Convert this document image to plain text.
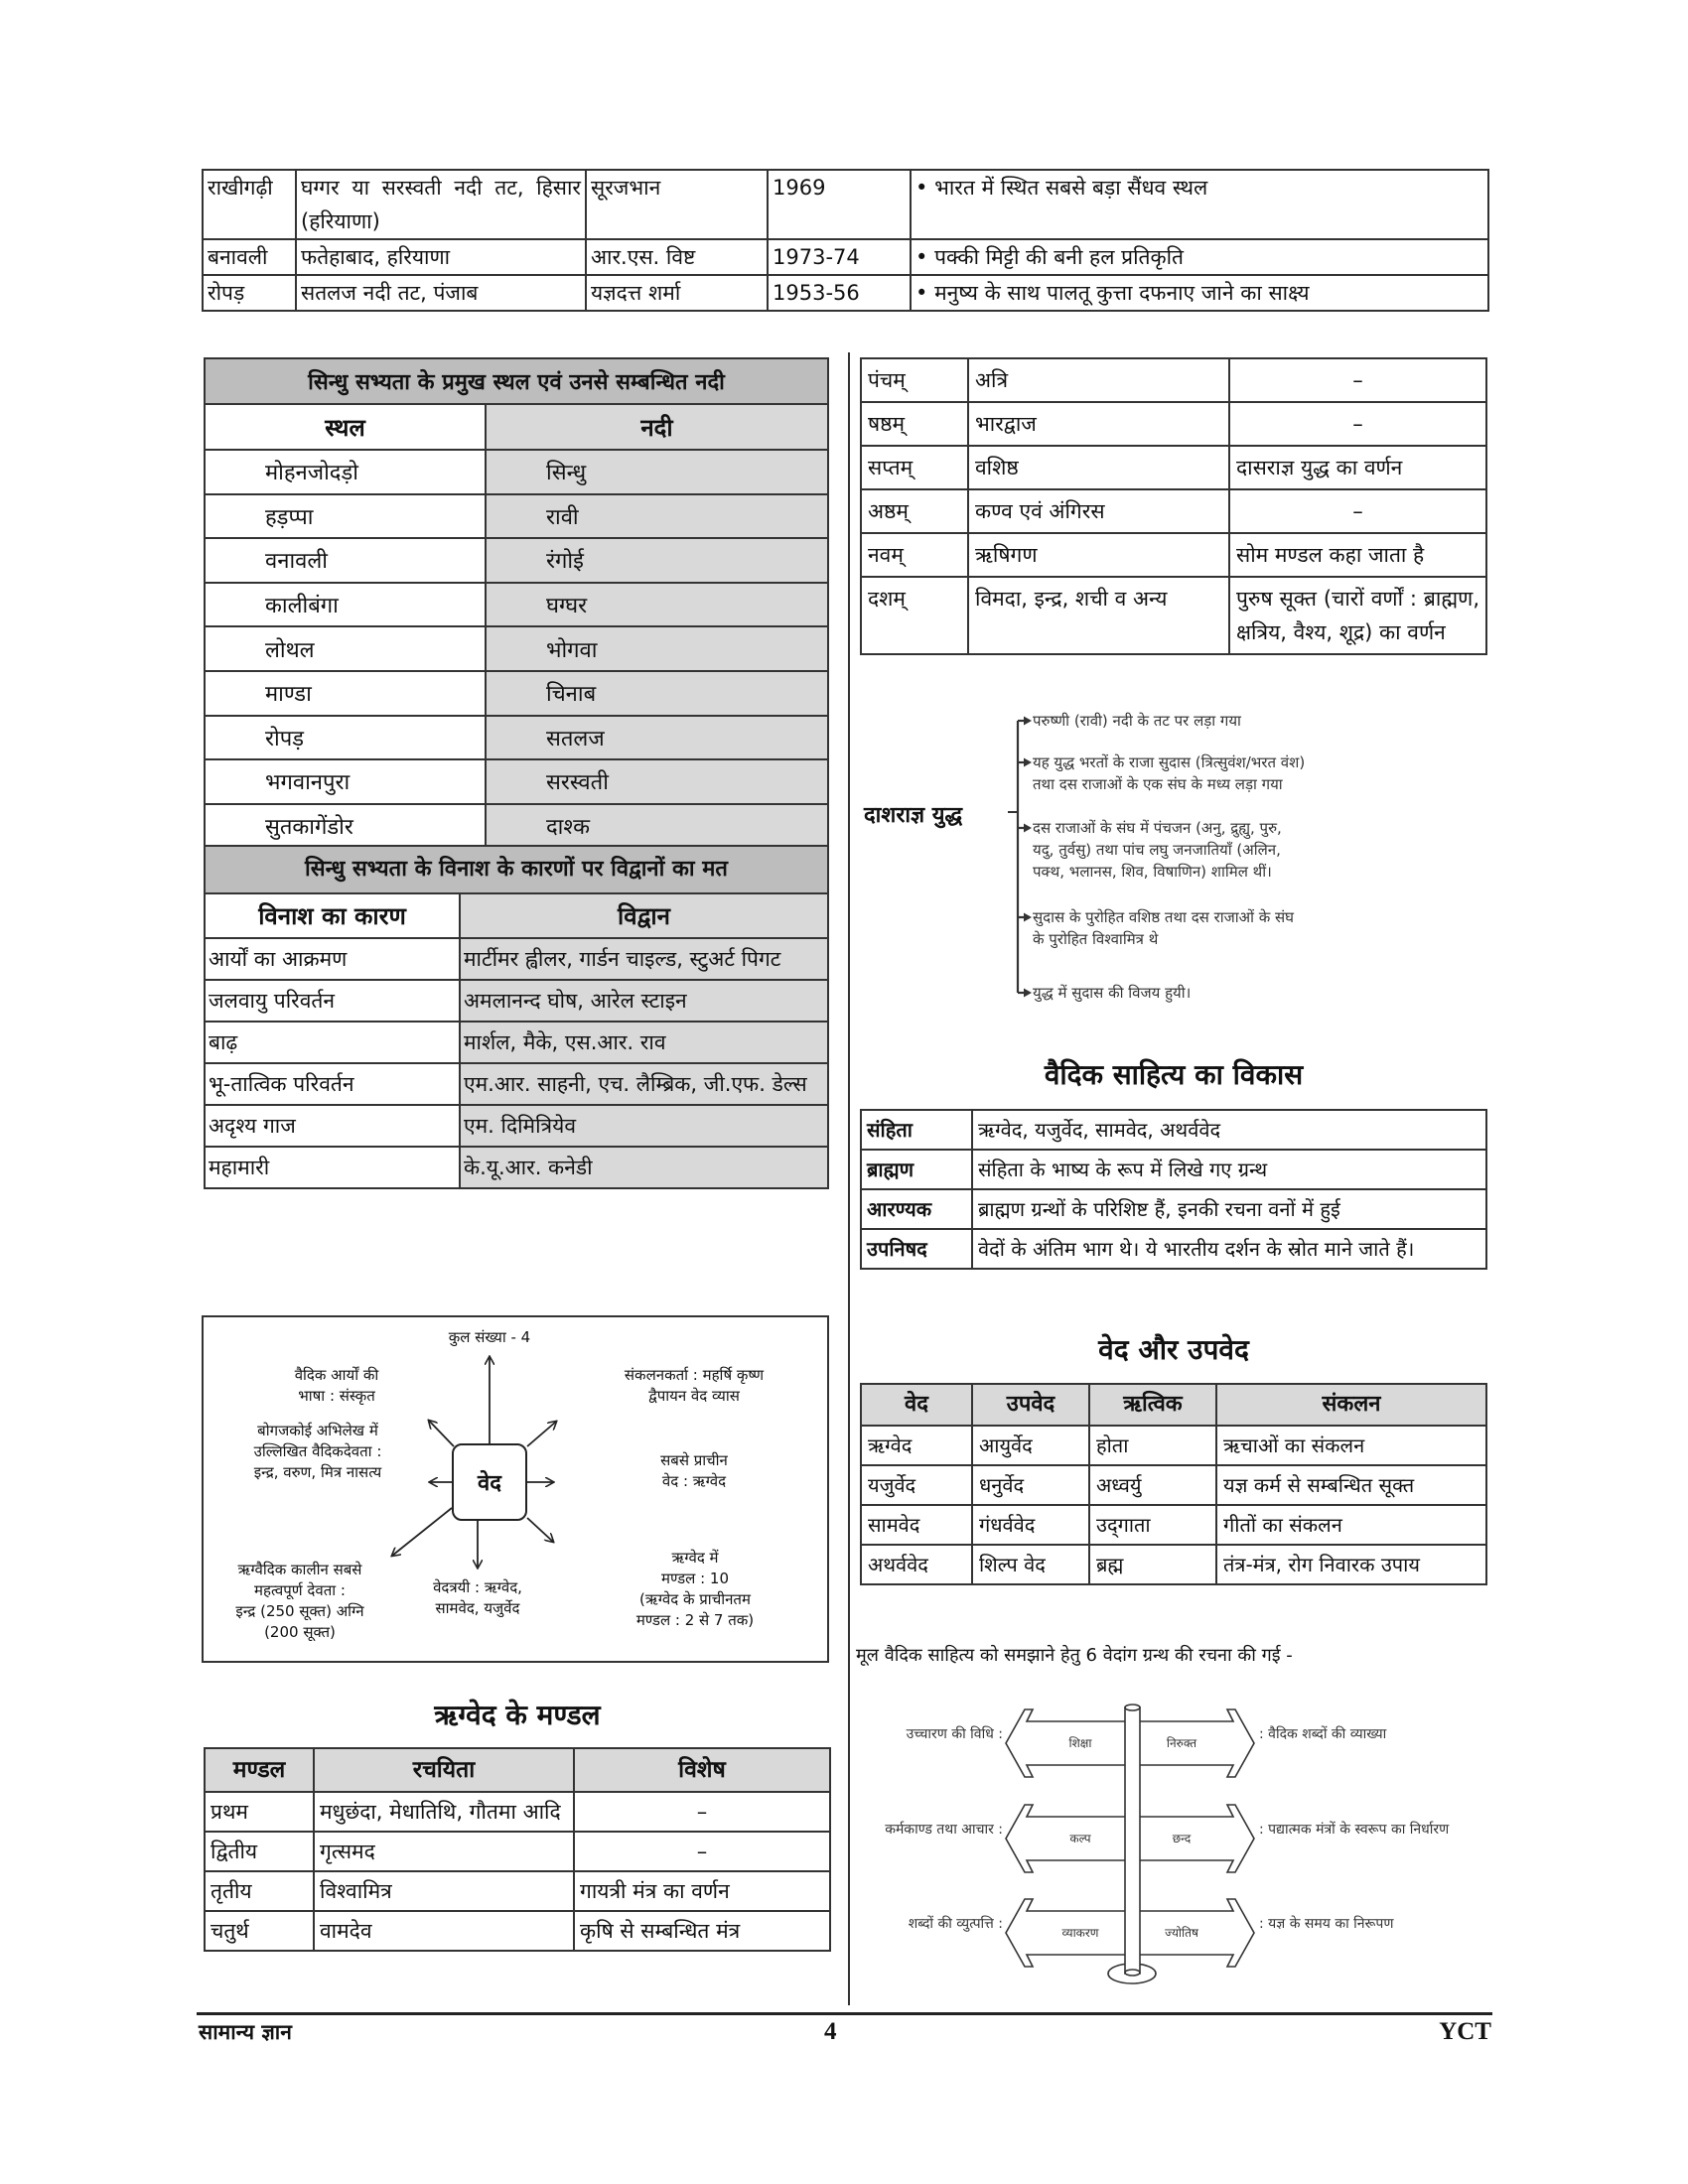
राखीगढ़ी	घग्गर या सरस्वती नदी तट, हिसार (हरियाणा)	सूरजभान	1969	• भारत में स्थित सबसे बड़ा सैंधव स्थल
बनावली	फतेहाबाद, हरियाणा	आर.एस. विष्ट	1973-74	• पक्की मिट्टी की बनी हल प्रतिकृति
रोपड़	सतलज नदी तट, पंजाब	यज्ञदत्त शर्मा	1953-56	• मनुष्य के साथ पालतू कुत्ता दफनाए जाने का साक्ष्य
सिन्धु सभ्यता के प्रमुख स्थल एवं उनसे सम्बन्धित नदी	
स्थल	नदी
मोहनजोदड़ो	सिन्धु
हड़प्पा	रावी
वनावली	रंगोई
कालीबंगा	घग्घर
लोथल	भोगवा
माण्डा	चिनाब
रोपड़	सतलज
भगवानपुरा	सरस्वती
सुतकागेंडोर	दाश्क
सिन्धु सभ्यता के विनाश के कारणों पर विद्वानों का मत	
विनाश का कारण	विद्वान
आर्यों का आक्रमण	मार्टीमर ह्वीलर, गार्डन चाइल्ड, स्टुअर्ट पिगट
जलवायु परिवर्तन	अमलानन्द घोष, आरेल स्टाइन
बाढ़	मार्शल, मैके, एस.आर. राव
भू-तात्विक परिवर्तन	एम.आर. साहनी, एच. लैम्ब्रिक, जी.एफ. डेल्स
अदृश्य गाज	एम. दिमित्रियेव
महामारी	के.यू.आर. कनेडी
वेद
कुल संख्या - 4
वैदिक आर्यों की
भाषा : संस्कृत
संकलनकर्ता : महर्षि कृष्ण
द्वैपायन वेद व्यास
बोगजकोई अभिलेख में
उल्लिखित वैदिकदेवता :
इन्द्र, वरुण, मित्र नासत्य
सबसे प्राचीन
वेद : ऋग्वेद
ऋग्वैदिक कालीन सबसे
महत्वपूर्ण देवता :
इन्द्र (250 सूक्त) अग्नि
(200 सूक्त)
वेदत्रयी : ऋग्वेद,
सामवेद, यजुर्वेद
ऋग्वेद में
मण्डल : 10
(ऋग्वेद के प्राचीनतम
मण्डल : 2 से 7 तक)
ऋग्वेद के मण्डल
मण्डल	रचयिता	विशेष
प्रथम	मधुछंदा, मेधातिथि, गौतमा आदि	–
द्वितीय	गृत्समद	–
तृतीय	विश्वामित्र	गायत्री मंत्र का वर्णन
चतुर्थ	वामदेव	कृषि से सम्बन्धित मंत्र
पंचम्	अत्रि	–
षष्ठम्	भारद्वाज	–
सप्तम्	वशिष्ठ	दासराज्ञ युद्ध का वर्णन
अष्ठम्	कण्व एवं अंगिरस	–
नवम्	ऋषिगण	सोम मण्डल कहा जाता है
दशम्	विमदा, इन्द्र, शची व अन्य	पुरुष सूक्त (चारों वर्णों : ब्राह्मण, क्षत्रिय, वैश्य, शूद्र) का वर्णन
दाशराज्ञ युद्ध
परुष्णी (रावी) नदी के तट पर लड़ा गया
यह युद्ध भरतों के राजा सुदास (त्रित्सुवंश/भरत वंश)
तथा दस राजाओं के एक संघ के मध्य लड़ा गया
दस राजाओं के संघ में पंचजन (अनु, द्रुह्यु, पुरु,
यदु, तुर्वसु) तथा पांच लघु जनजातियाँ (अलिन,
पक्थ, भलानस, शिव, विषाणिन) शामिल थीं।
सुदास के पुरोहित वशिष्ठ तथा दस राजाओं के संघ
के पुरोहित विश्वामित्र थे
युद्ध में सुदास की विजय हुयी।
वैदिक साहित्य का विकास
संहिता	ऋग्वेद, यजुर्वेद, सामवेद, अथर्ववेद
ब्राह्मण	संहिता के भाष्य के रूप में लिखे गए ग्रन्थ
आरण्यक	ब्राह्मण ग्रन्थों के परिशिष्ट हैं, इनकी रचना वनों में हुई
उपनिषद	वेदों के अंतिम भाग थे। ये भारतीय दर्शन के स्रोत माने जाते हैं।
वेद और उपवेद
वेद	उपवेद	ऋत्विक	संकलन
ऋग्वेद	आयुर्वेद	होता	ऋचाओं का संकलन
यजुर्वेद	धनुर्वेद	अध्वर्यु	यज्ञ कर्म से सम्बन्धित सूक्त
सामवेद	गंधर्ववेद	उद्‌गाता	गीतों का संकलन
अथर्ववेद	शिल्प वेद	ब्रह्म	तंत्र-मंत्र, रोग निवारक उपाय
मूल वैदिक साहित्य को समझाने हेतु 6 वेदांग ग्रन्थ की रचना की गई -
उच्चारण की विधि :
कर्मकाण्ड तथा आचार :
शब्दों की व्युत्पत्ति :
शिक्षा
कल्प
व्याकरण
निरुक्त
छन्द
ज्योतिष
: वैदिक शब्दों की व्याख्या
: पद्यात्मक मंत्रों के स्वरूप का निर्धारण
: यज्ञ के समय का निरूपण
सामान्य ज्ञान	4	YCT
